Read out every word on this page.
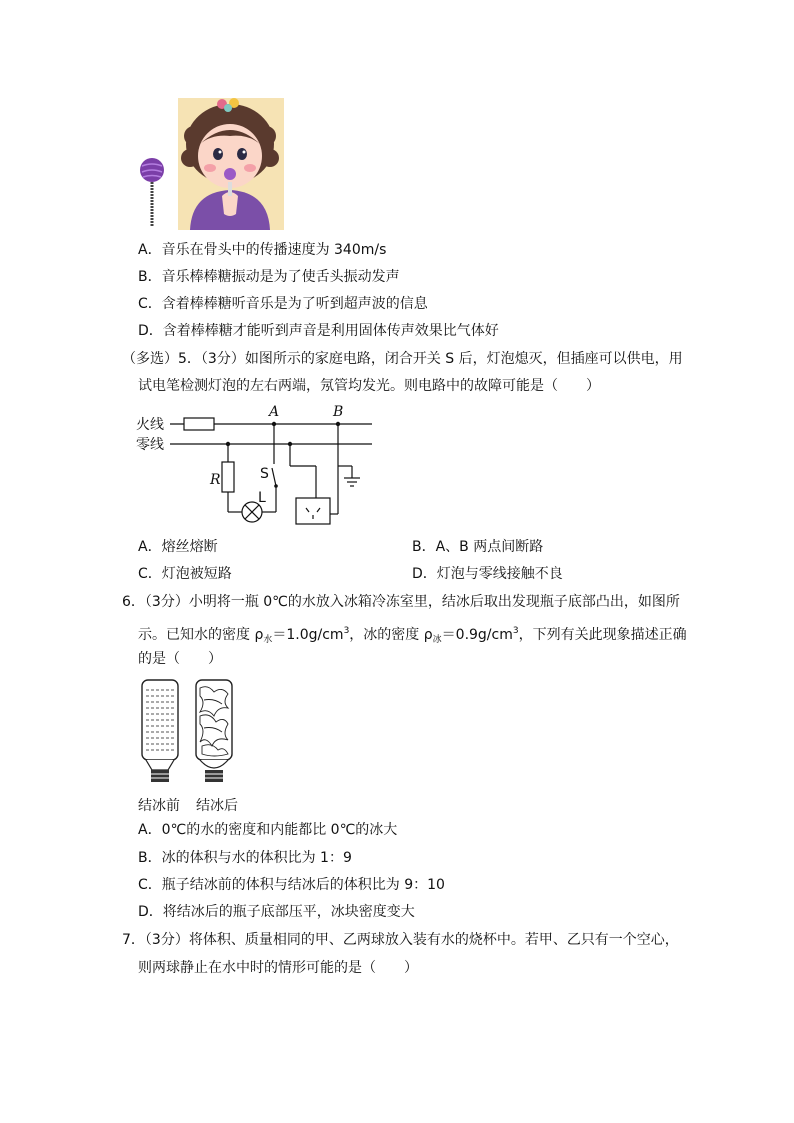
A．音乐在骨头中的传播速度为 340m/s
B．音乐棒棒糖振动是为了使舌头振动发声
C．含着棒棒糖听音乐是为了听到超声波的信息
D．含着棒棒糖才能听到声音是利用固体传声效果比气体好
（多选）5．（3分）如图所示的家庭电路，闭合开关 S 后，灯泡熄灭，但插座可以供电，用
试电笔检测灯泡的左右两端，氖管均发光。则电路中的故障可能是（　　）
火线
零线
A	B
R	S
L
A．熔丝熔断	B．A、B 两点间断路
C．灯泡被短路	D．灯泡与零线接触不良
6．（3分）小明将一瓶 0℃的水放入冰箱冷冻室里，结冰后取出发现瓶子底部凸出，如图所
示。已知水的密度 $\rho_水=1.0g/cm^3$，冰的密度 $\rho_冰=0.9g/cm^3$，下列有关此现象描述正确
的是（　　）
结冰前 结冰后
A．0℃的水的密度和内能都比 0℃的冰大
B．冰的体积与水的体积比为 1：9
C．瓶子结冰前的体积与结冰后的体积比为 9：10
D．将结冰后的瓶子底部压平，冰块密度变大
7．（3分）将体积、质量相同的甲、乙两球放入装有水的烧杯中。若甲、乙只有一个空心，
则两球静止在水中时的情形可能的是（　　）
